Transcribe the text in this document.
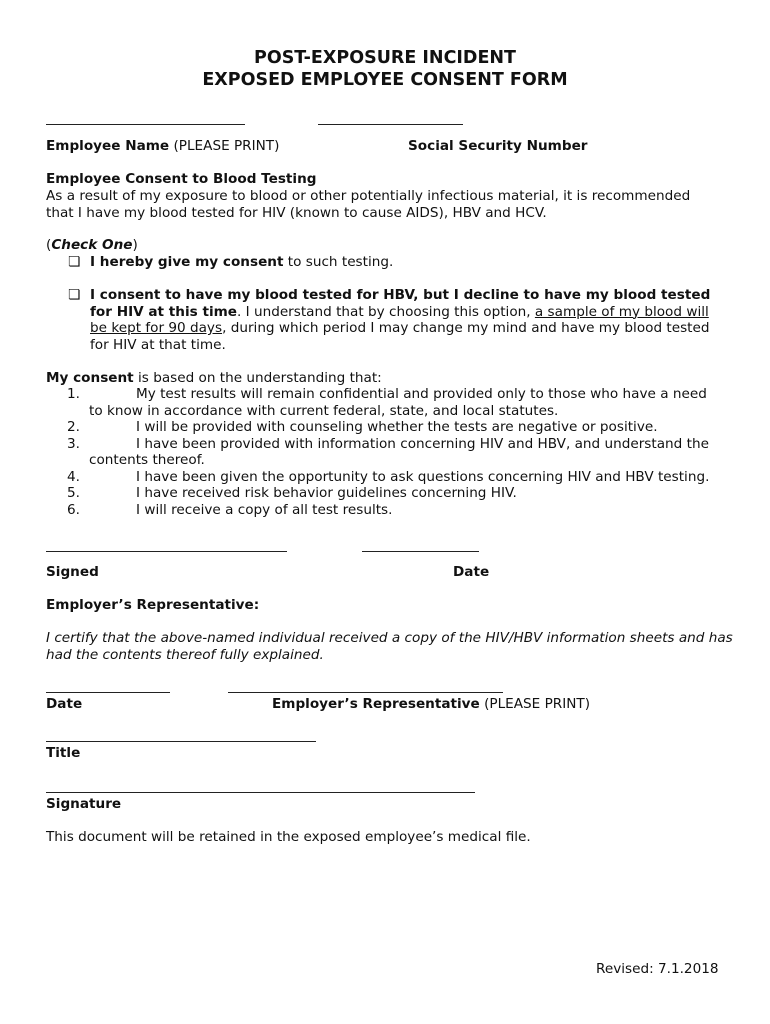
POST-EXPOSURE INCIDENT
EXPOSED EMPLOYEE CONSENT FORM
Employee Name (PLEASE PRINT)	Social Security Number
Employee Consent to Blood Testing
As a result of my exposure to blood or other potentially infectious material, it is recommended that I have my blood tested for HIV (known to cause AIDS), HBV and HCV.
(Check One)
❏ I hereby give my consent to such testing.
❏ I consent to have my blood tested for HBV, but I decline to have my blood tested for HIV at this time. I understand that by choosing this option, a sample of my blood will be kept for 90 days, during which period I may change my mind and have my blood tested for HIV at that time.
My consent is based on the understanding that:
1.	My test results will remain confidential and provided only to those who have a need
to know in accordance with current federal, state, and local statutes.
2.	I will be provided with counseling whether the tests are negative or positive.
3.	I have been provided with information concerning HIV and HBV, and understand the
contents thereof.
4.	I have been given the opportunity to ask questions concerning HIV and HBV testing.
5.	I have received risk behavior guidelines concerning HIV.
6.	I will receive a copy of all test results.
Signed	Date
Employer’s Representative:
I certify that the above-named individual received a copy of the HIV/HBV information sheets and has had the contents thereof fully explained.
Date	Employer’s Representative (PLEASE PRINT)
Title
Signature
This document will be retained in the exposed employee’s medical file.
Revised: 7.1.2018
